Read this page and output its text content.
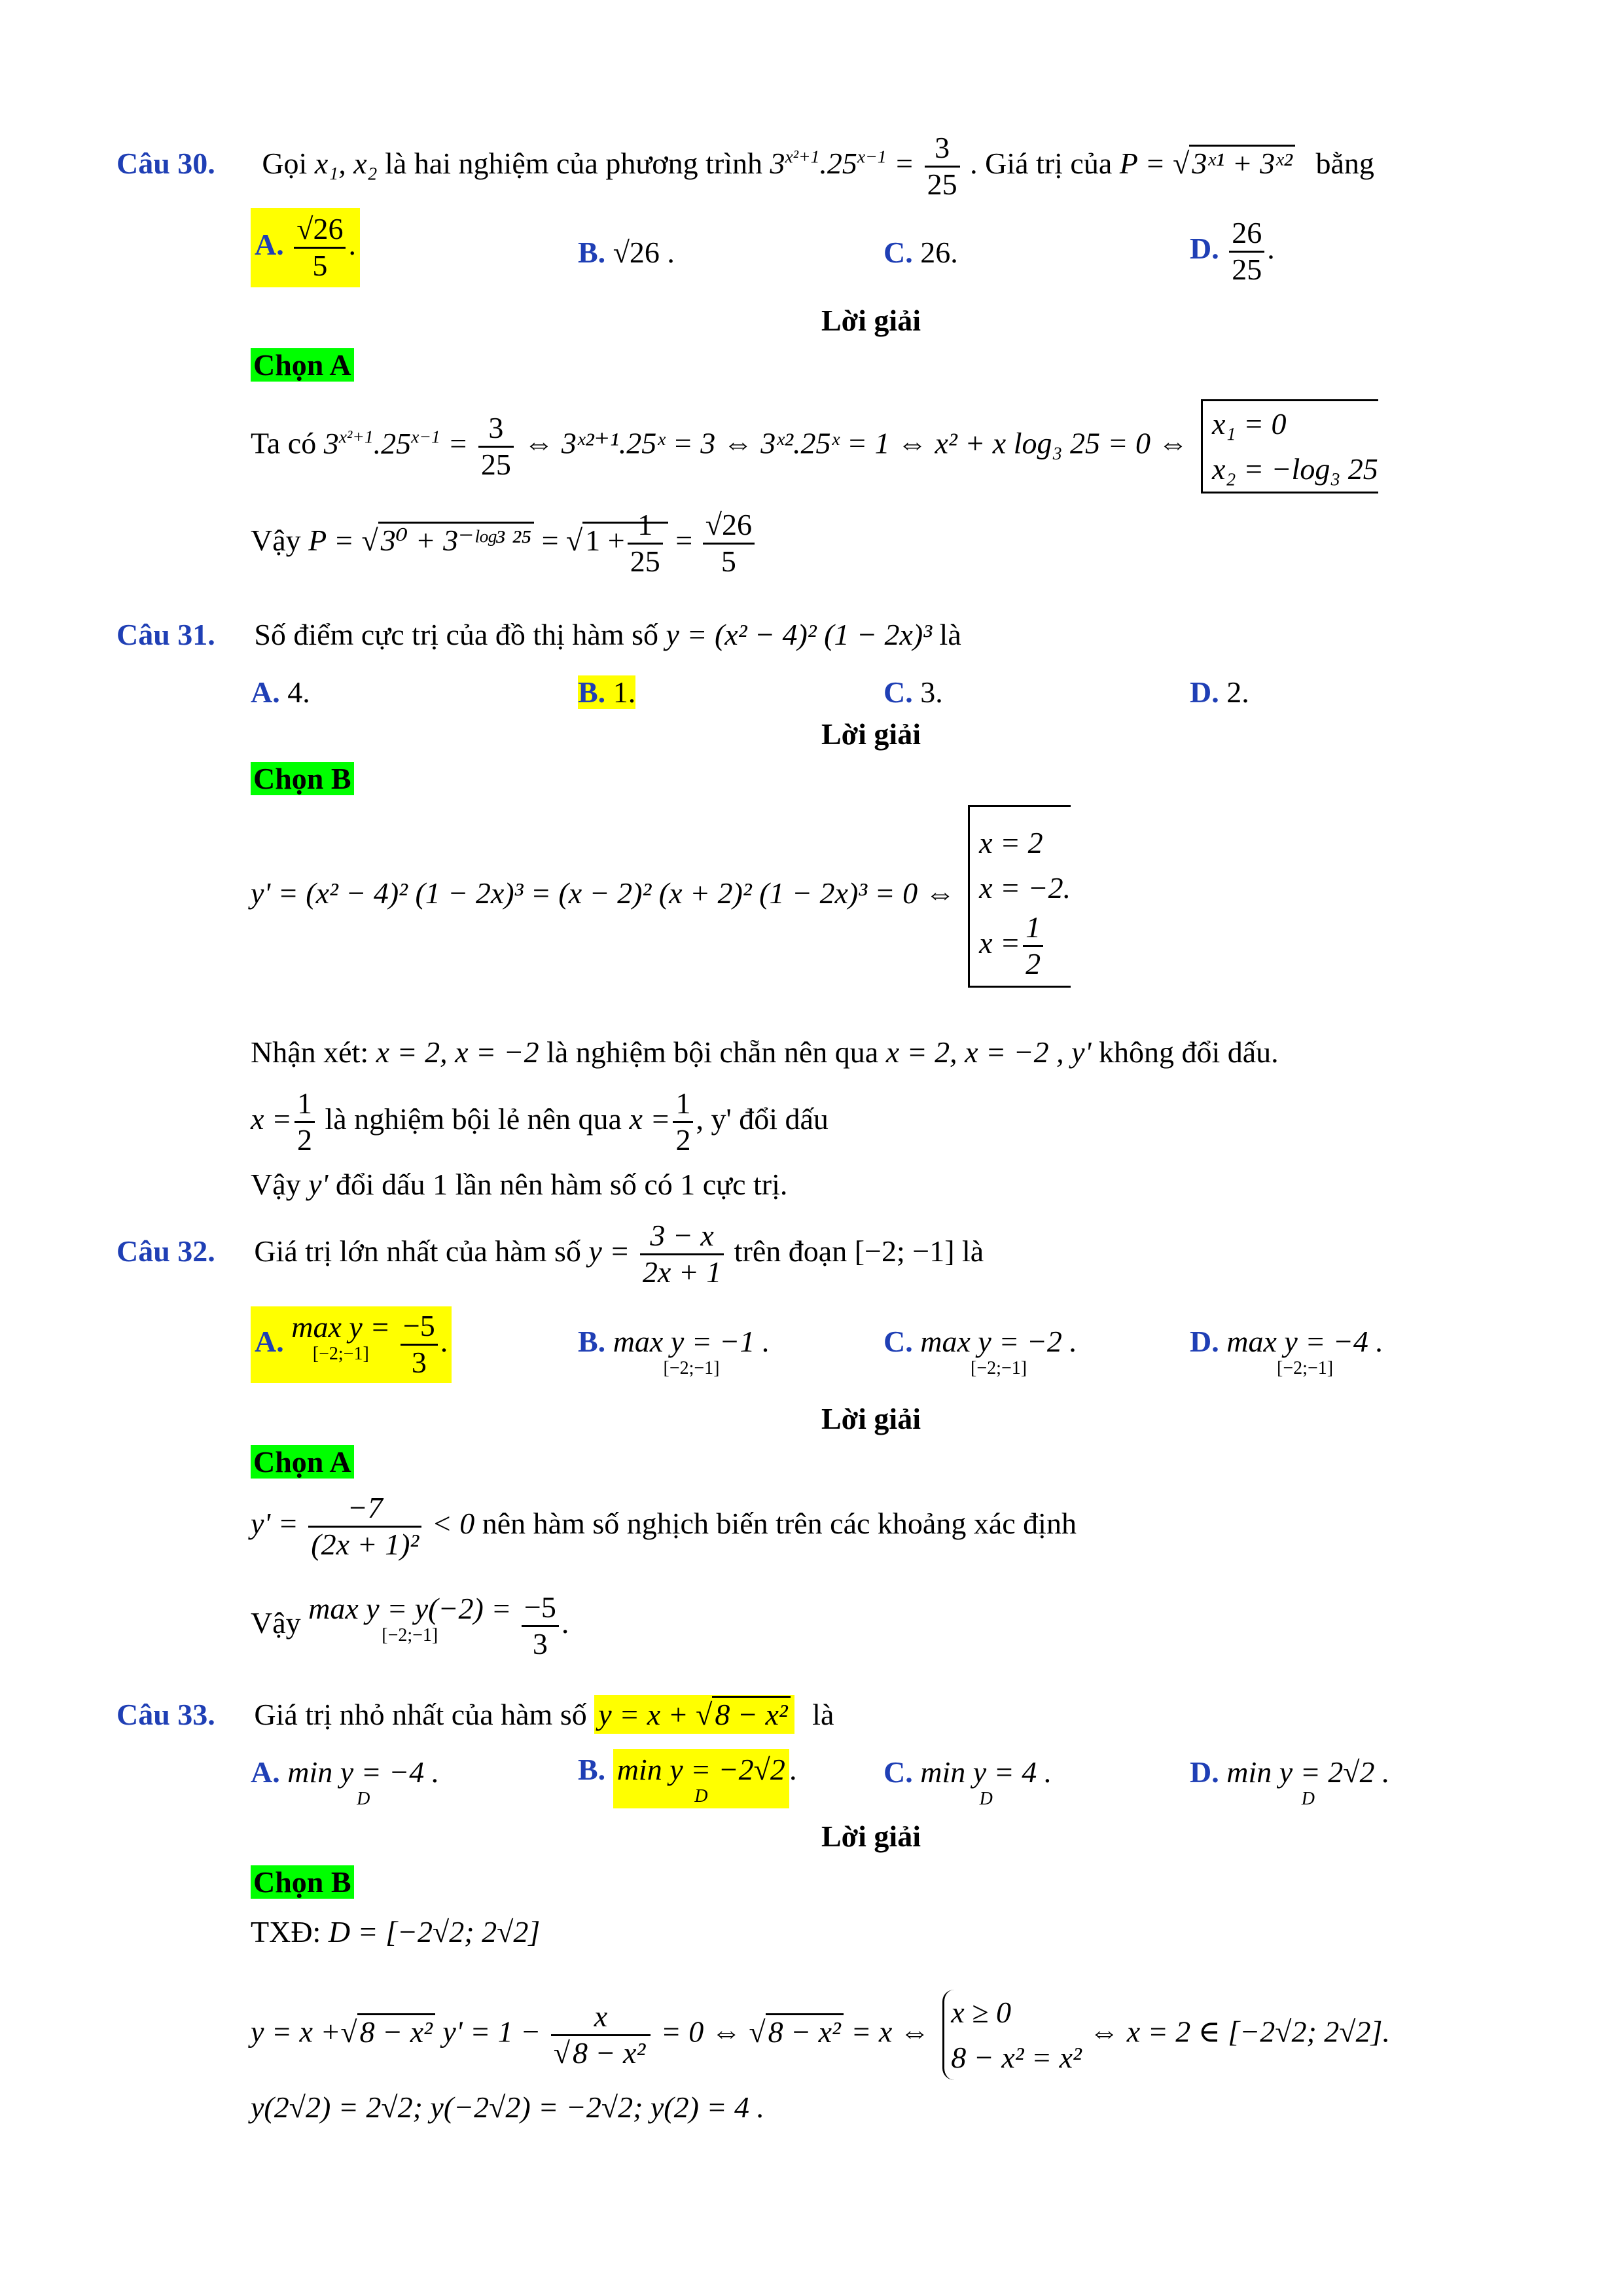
Câu 30. Gọi x₁, x₂ là hai nghiệm của phương trình $3^{x^2+1}.25^{x-1} = \frac{3}{25}$ . Giá trị của P = √3ˣ¹ + 3ˣ² bằng
A. $\frac{√26}{5}$ .	B. √26 .	C. 26.	D. $\frac{26}{25}$ .
Lời giải
Chọn A
Ta có $3^{x^2+1}.25^{x-1} = \frac{3}{25}$ ⇔ 3ˣ²⁺¹.25ˣ = 3 ⇔ 3ˣ².25ˣ = 1 ⇔ x² + x log₃ 25 = 0 ⇔
x₁ = 0
x₂ = −log₃ 25
Vậy P = √3⁰ + 3⁻ˡᵒᵍ³ $^{25} = √1 + \frac{1}{25} = \frac{√26}{5}$
Câu 31. Số điểm cực trị của đồ thị hàm số y = (x² − 4)² (1 − 2x)³ là
A. 4.	B. 1.	C. 3.	D. 2.
Lời giải
Chọn B
y' = (x² − 4)² (1 − 2x)³ = (x − 2)² (x + 2)² (1 − 2x)³ = 0 ⇔
x = 2
x = −2.
$x = \frac{1}{2}$
Nhận xét: x = 2, x = −2 là nghiệm bội chẵn nên qua x = 2, x = −2 , y' không đổi dấu.
$x = \frac{1}{2}$ là nghiệm bội lẻ nên qua $x = \frac{1}{2}$ , y' đổi dấu
Vậy y' đổi dấu 1 lần nên hàm số có 1 cực trị.
Câu 32. Giá trị lớn nhất của hàm số $y = \frac{3 - x}{2x + 1}$ trên đoạn [−2; −1] là
A. max y =
[−2;−1]
	$\frac{-5}{3}$ .	B. max y = −1 .
[−2;−1]
C. max y = −2 .
[−2;−1]
D. max y = −4 .
[−2;−1]
Lời giải
Chọn A
$y' = \frac{-7}{\text{(2x + 1)²}} < 0$ nên hàm số nghịch biến trên các khoảng xác định
Vậy max y = y(−2) =
[−2;−1]
	$\frac{-5}{3}$ .
Câu 33. Giá trị nhỏ nhất của hàm số y = x + √8 − x² là
A. min y = −4 .
D
B. min y = −2√2
D
.	C. min y = 4 .
D
D. min y = 2√2 .
D
Lời giải
Chọn B
TXĐ: D = [−2√2; 2√2]
y = x +√8 − x² $y' = 1 - \frac{x}{\text{√8 − x²}} = 0$ ⇔ √8 − x² = x ⇔
x ≥ 0
8 − x² = x²
⇔ x = 2 ∈ [−2√2; 2√2].
y(2√2) = 2√2; y(−2√2) = −2√2; y(2) = 4 .
